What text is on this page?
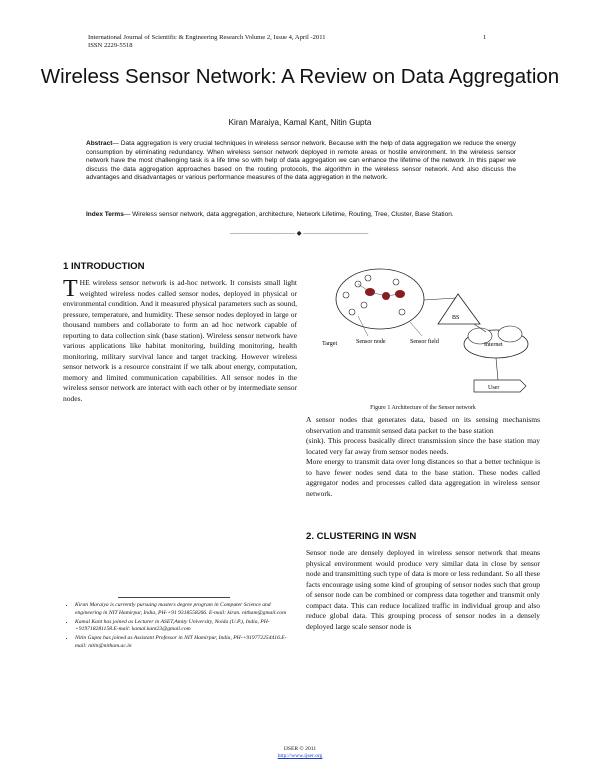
International Journal of Scientific & Engineering Research Volume 2, Issue 4, April -2011
ISSN 2229-5518
1
Wireless Sensor Network: A Review on Data Aggregation
Kiran Maraiya, Kamal Kant, Nitin Gupta
Abstract— Data aggregation is very crucial techniques in wireless sensor network. Because with the help of data aggregation we reduce the energy consumption by eliminating redundancy. When wireless sensor network deployed in remote areas or hostile environment. In the wireless sensor network have the most challenging task is a life time so with help of data aggregation we can enhance the lifetime of the network .In this paper we discuss the data aggregation approaches based on the routing protocols, the algorithm in the wireless sensor network. And also discuss the advantages and disadvantages or various performance measures of the data aggregation in the network.
Index Terms— Wireless sensor network, data aggregation, architecture, Network Lifetime, Routing, Tree, Cluster, Base Station.
—————————— ◆ ——————————
1 INTRODUCTION
THE wireless sensor network is ad-hoc network. It consists small light weighted wireless nodes called sensor nodes, deployed in physical or environmental condition. And it measured physical parameters such as sound, pressure, temperature, and humidity. These sensor nodes deployed in large or thousand numbers and collaborate to form an ad hoc network capable of reporting to data collection sink (base station). Wireless sensor network have various applications like habitat monitoring, building monitoring, health monitoring, military survival lance and target tracking. However wireless sensor network is a resource constraint if we talk about energy, computation, memory and limited communication capabilities. All sensor nodes in the wireless sensor network are interact with each other or by intermediate sensor nodes.
BS
Internet
User
Target	Sensor node	Sensor field
Figure 1 Architecture of the Sensor network

A sensor nodes that generates data, based on its sensing mechanisms observation and transmit sensed data packet to the base station

(sink). This process basically direct transmission since the base station may located very far away from sensor nodes needs.

More energy to transmit data over long distances so that a better technique is to have fewer nodes send data to the base station. These nodes called aggregator nodes and processes called data aggregation in wireless sensor network.

2. CLUSTERING IN WSN
Sensor node are densely deployed in wireless sensor network that means physical environment would produce very similar data in close by sensor node and transmitting such type of data is more or less redundant. So all these facts encourage using some kind of grouping of sensor nodes such that group of sensor node can be combined or compress data together and transmit only compact data. This can reduce localized traffic in individual group and also reduce global data. This grouping process of sensor nodes in a densely deployed large scale sensor node is
• Kiran Maraiya is currently pursuing masters degree program in Computer Science and engineering in NIT Hamirpur, India, PH-+91 9318558266. E-mail: kiran. nitham@gmail.com
• Kamal Kant has joined as Lecturer in ASET,Amity University, Noida (U.P.), India, PH-+919718281158.E-mail: kamal.kant23@gmail.com
• Nitin Gupta has joined as Assistant Professor in NIT Hamirpur, India, PH-+919772254416.E-mail: nitin@nitham.ac.in
IJSER © 2011
http://www.ijser.org
